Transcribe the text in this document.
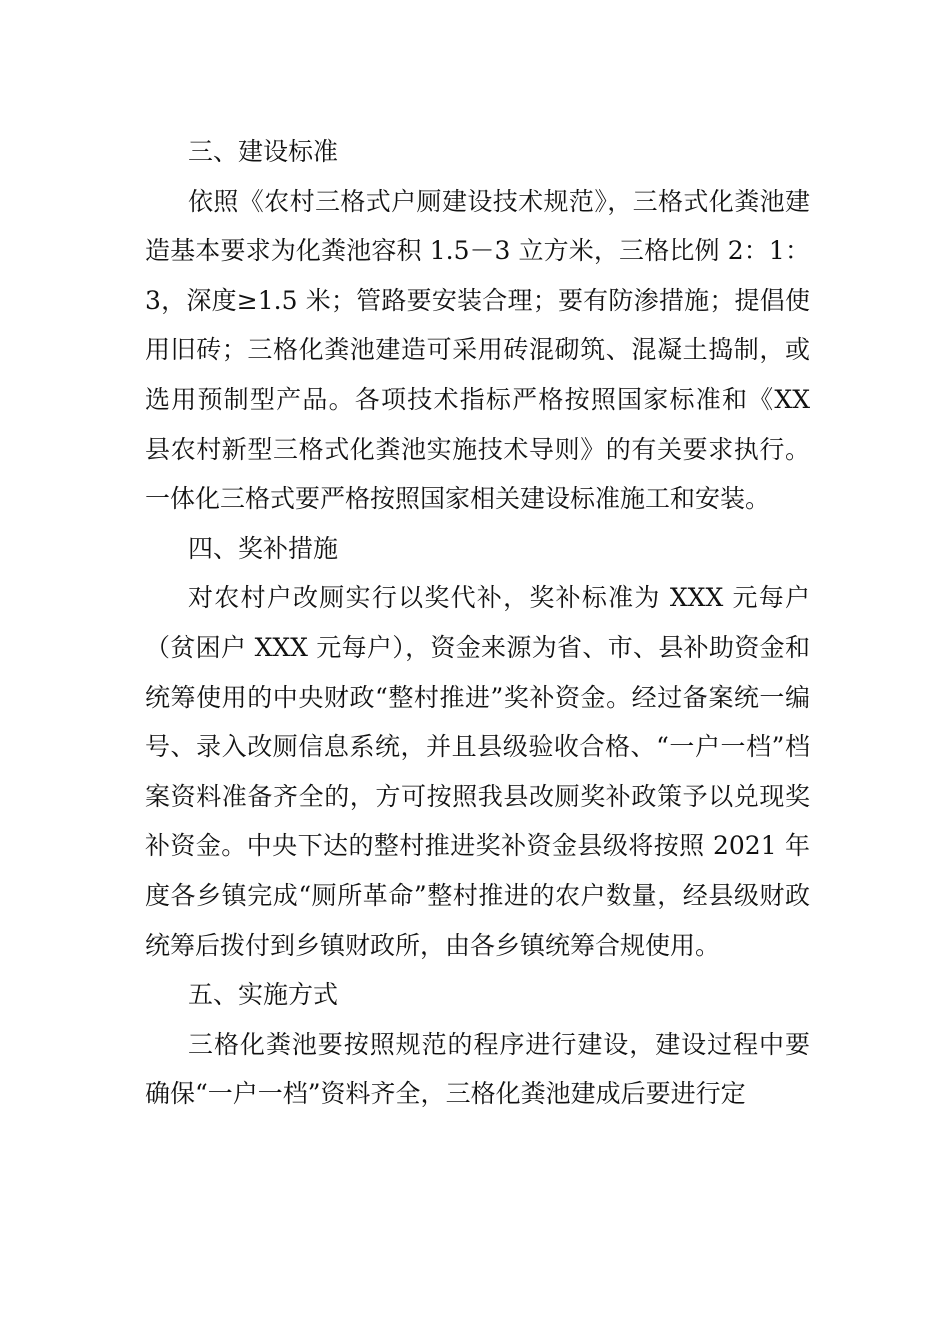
三、建设标准

依照《农村三格式户厕建设技术规范》，三格式化粪池建造基本要求为化粪池容积 1.5－3 立方米，三格比例 2：1：3，深度≥1.5 米；管路要安装合理；要有防渗措施；提倡使用旧砖；三格化粪池建造可采用砖混砌筑、混凝土捣制，或选用预制型产品。各项技术指标严格按照国家标准和《XX 县农村新型三格式化粪池实施技术导则》的有关要求执行。一体化三格式要严格按照国家相关建设标准施工和安装。

四、奖补措施

对农村户改厕实行以奖代补，奖补标准为 XXX 元每户（贫困户 XXX 元每户），资金来源为省、市、县补助资金和统筹使用的中央财政“整村推进”奖补资金。经过备案统一编号、录入改厕信息系统，并且县级验收合格、“一户一档”档案资料准备齐全的，方可按照我县改厕奖补政策予以兑现奖补资金。中央下达的整村推进奖补资金县级将按照 2021 年度各乡镇完成“厕所革命”整村推进的农户数量，经县级财政统筹后拨付到乡镇财政所，由各乡镇统筹合规使用。

五、实施方式

三格化粪池要按照规范的程序进行建设，建设过程中要确保“一户一档”资料齐全，三格化粪池建成后要进行定
